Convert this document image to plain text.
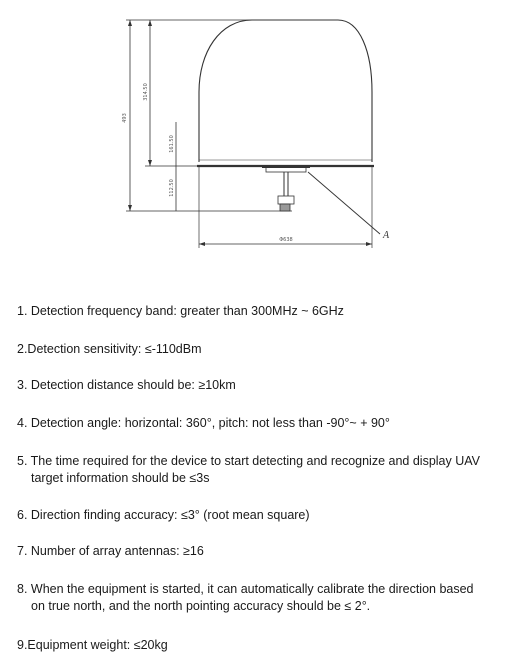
493
314.50
161.50
112.50
Φ638	A

1. Detection frequency band: greater than 300MHz ~ 6GHz

2.Detection sensitivity: ≤-110dBm

3. Detection distance should be: ≥10km

4. Detection angle: horizontal: 360°, pitch: not less than -90°~ + 90°

5. The time required for the device to start detecting and recognize and display UAV
target information should be ≤3s

6. Direction finding accuracy: ≤3° (root mean square)

7. Number of array antennas: ≥16

8. When the equipment is started, it can automatically calibrate the direction based
on true north, and the north pointing accuracy should be ≤ 2°.

9.Equipment weight: ≤20kg
